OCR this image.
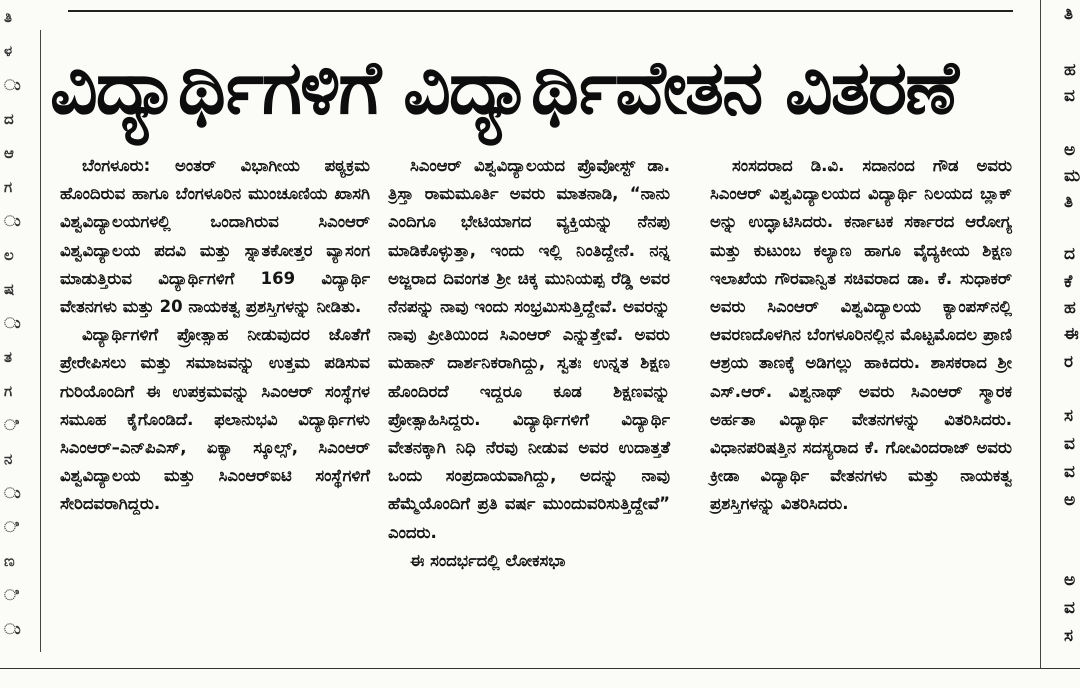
ತಿ
ಳ
ು
ದ
ಆ
ಗ
ು
ಲ
ಷ
ು
ತ
ಗ
ಿ
ನ
ು
ಿ
ಣ
ಿ
ು
ವಿದ್ಯಾರ್ಥಿಗಳಿಗೆ ವಿದ್ಯಾರ್ಥಿವೇತನ ವಿತರಣೆ

ಬೆಂಗಳೂರು: ಅಂತರ್ ವಿಭಾಗೀಯ ಪಠ್ಯಕ್ರಮ ಹೊಂದಿರುವ ಹಾಗೂ ಬೆಂಗಳೂರಿನ ಮುಂಚೂಣಿಯ ಖಾಸಗಿ ವಿಶ್ವವಿದ್ಯಾಲಯಗಳಲ್ಲಿ ಒಂದಾಗಿರುವ ಸಿಎಂಆರ್ ವಿಶ್ವವಿದ್ಯಾಲಯ ಪದವಿ ಮತ್ತು ಸ್ನಾತಕೋತ್ತರ ವ್ಯಾಸಂಗ ಮಾಡುತ್ತಿರುವ ವಿದ್ಯಾರ್ಥಿಗಳಿಗೆ 169 ವಿದ್ಯಾರ್ಥಿ ವೇತನಗಳು ಮತ್ತು 20 ನಾಯಕತ್ವ ಪ್ರಶಸ್ತಿಗಳನ್ನು ನೀಡಿತು.

ವಿದ್ಯಾರ್ಥಿಗಳಿಗೆ ಪ್ರೋತ್ಸಾಹ ನೀಡುವುದರ ಜೊತೆಗೆ ಪ್ರೇರೇಪಿಸಲು ಮತ್ತು ಸಮಾಜವನ್ನು ಉತ್ತಮ ಪಡಿಸುವ ಗುರಿಯೊಂದಿಗೆ ಈ ಉಪಕ್ರಮವನ್ನು ಸಿಎಂಆರ್ ಸಂಸ್ಥೆಗಳ ಸಮೂಹ ಕೈಗೊಂಡಿದೆ. ಫಲಾನುಭವಿ ವಿದ್ಯಾರ್ಥಿಗಳು ಸಿಎಂಆರ್–ಎನ್‌ಪಿಎಸ್, ಏಕ್ಯಾ ಸ್ಕೂಲ್ಸ್, ಸಿಎಂಆರ್ ವಿಶ್ವವಿದ್ಯಾಲಯ ಮತ್ತು ಸಿಎಂಆರ್‌ಐಟಿ ಸಂಸ್ಥೆಗಳಿಗೆ ಸೇರಿದವರಾಗಿದ್ದರು.

ಸಿಎಂಆರ್ ವಿಶ್ವವಿದ್ಯಾಲಯದ ಪ್ರೊವೋಸ್ಟ್ ಡಾ. ತ್ರಿಸ್ತಾ ರಾಮಮೂರ್ತಿ ಅವರು ಮಾತನಾಡಿ, “ನಾನು ಎಂದಿಗೂ ಭೇಟಿಯಾಗದ ವ್ಯಕ್ತಿಯನ್ನು ನೆನಪು ಮಾಡಿಕೊಳ್ಳುತ್ತಾ, ಇಂದು ಇಲ್ಲಿ ನಿಂತಿದ್ದೇನೆ. ನನ್ನ ಅಜ್ಜರಾದ ದಿವಂಗತ ಶ್ರೀ ಚಿಕ್ಕ ಮುನಿಯಪ್ಪ ರೆಡ್ಡಿ ಅವರ ನೆನಪನ್ನು ನಾವು ಇಂದು ಸಂಭ್ರಮಿಸುತ್ತಿದ್ದೇವೆ. ಅವರನ್ನು ನಾವು ಪ್ರೀತಿಯಿಂದ ಸಿಎಂಆರ್ ಎನ್ನುತ್ತೇವೆ. ಅವರು ಮಹಾನ್ ದಾರ್ಶನಿಕರಾಗಿದ್ದು, ಸ್ವತಃ ಉನ್ನತ ಶಿಕ್ಷಣ ಹೊಂದಿರದೆ ಇದ್ದರೂ ಕೂಡ ಶಿಕ್ಷಣವನ್ನು ಪ್ರೋತ್ಸಾಹಿಸಿದ್ದರು. ವಿದ್ಯಾರ್ಥಿಗಳಿಗೆ ವಿದ್ಯಾರ್ಥಿ ವೇತನಕ್ಕಾಗಿ ನಿಧಿ ನೆರವು ನೀಡುವ ಅವರ ಉದಾತ್ತತೆ ಒಂದು ಸಂಪ್ರದಾಯವಾಗಿದ್ದು, ಅದನ್ನು ನಾವು ಹೆಮ್ಮೆಯೊಂದಿಗೆ ಪ್ರತಿ ವರ್ಷ ಮುಂದುವರಿಸುತ್ತಿದ್ದೇವೆ” ಎಂದರು.

ಈ ಸಂದರ್ಭದಲ್ಲಿ ಲೋಕಸಭಾ

ಸಂಸದರಾದ ಡಿ.ವಿ. ಸದಾನಂದ ಗೌಡ ಅವರು ಸಿಎಂಆರ್ ವಿಶ್ವವಿದ್ಯಾಲಯದ ವಿದ್ಯಾರ್ಥಿ ನಿಲಯದ ಬ್ಲಾಕ್ ಅನ್ನು ಉದ್ಘಾಟಿಸಿದರು. ಕರ್ನಾಟಕ ಸರ್ಕಾರದ ಆರೋಗ್ಯ ಮತ್ತು ಕುಟುಂಬ ಕಲ್ಯಾಣ ಹಾಗೂ ವೈದ್ಯಕೀಯ ಶಿಕ್ಷಣ ಇಲಾಖೆಯ ಗೌರವಾನ್ವಿತ ಸಚಿವರಾದ ಡಾ. ಕೆ. ಸುಧಾಕರ್ ಅವರು ಸಿಎಂಆರ್ ವಿಶ್ವವಿದ್ಯಾಲಯ ಕ್ಯಾಂಪಸ್‌ನಲ್ಲಿ ಆವರಣದೊಳಗಿನ ಬೆಂಗಳೂರಿನಲ್ಲಿನ ಮೊಟ್ಟಮೊದಲ ಪ್ರಾಣಿ ಆಶ್ರಯ ತಾಣಕ್ಕೆ ಅಡಿಗಲ್ಲು ಹಾಕಿದರು. ಶಾಸಕರಾದ ಶ್ರೀ ಎಸ್.ಆರ್. ವಿಶ್ವನಾಥ್ ಅವರು ಸಿಎಂಆರ್ ಸ್ಮಾರಕ ಅರ್ಹತಾ ವಿದ್ಯಾರ್ಥಿ ವೇತನಗಳನ್ನು ವಿತರಿಸಿದರು. ವಿಧಾನಪರಿಷತ್ತಿನ ಸದಸ್ಯರಾದ ಕೆ. ಗೋವಿಂದರಾಜ್ ಅವರು ಕ್ರೀಡಾ ವಿದ್ಯಾರ್ಥಿ ವೇತನಗಳು ಮತ್ತು ನಾಯಕತ್ವ ಪ್ರಶಸ್ತಿಗಳನ್ನು ವಿತರಿಸಿದರು.

ತಿ
ಹ
ವ
ಅ
ಮ
ತಿ
ದ
ಕೆ
ಹ
ಈ
ರ
ಸ
ವ
ವ
ಅ
ಅ
ವ
ಸ
